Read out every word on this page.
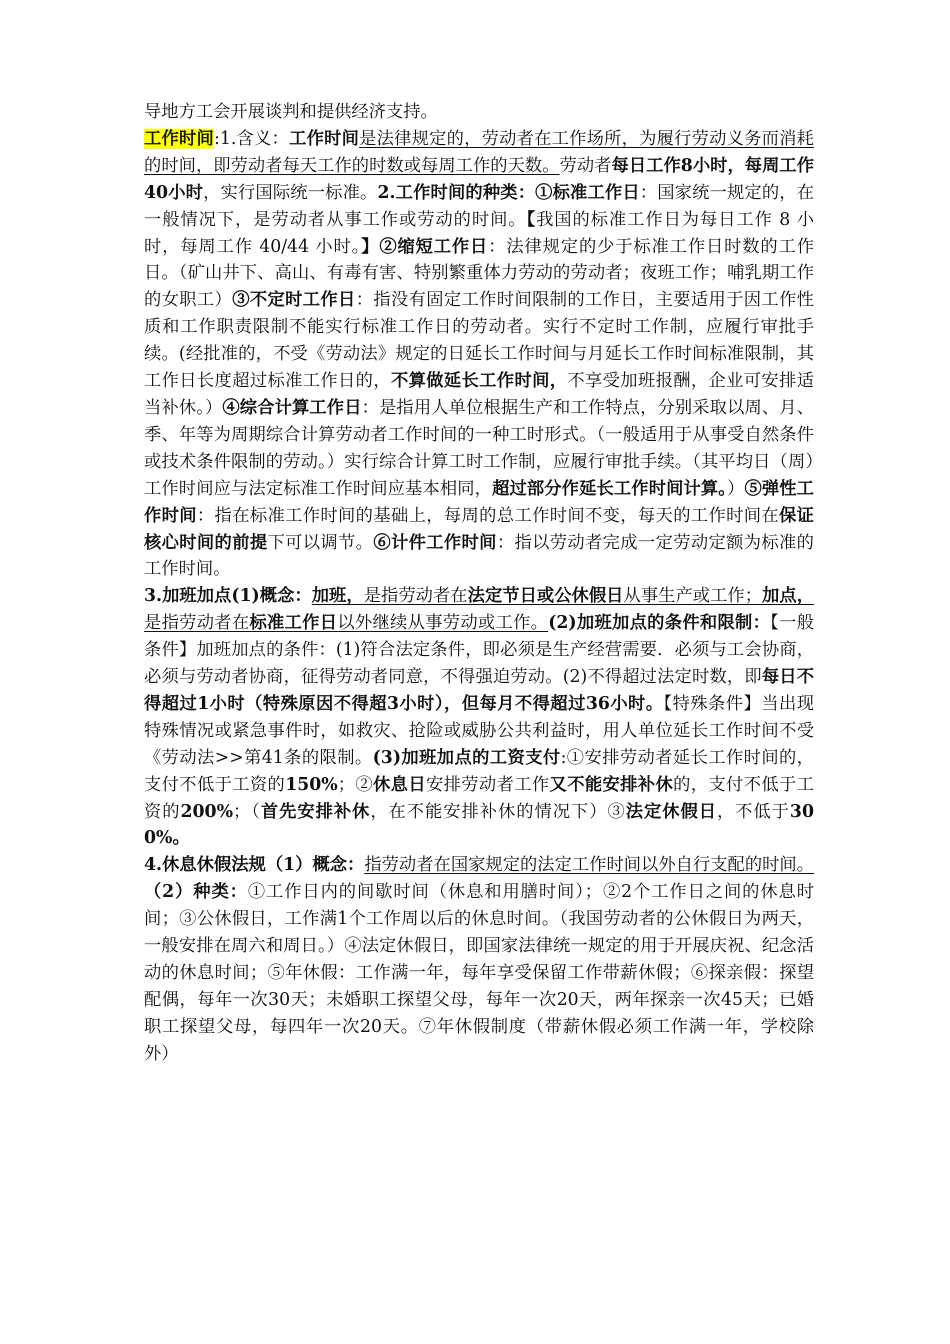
导地方工会开展谈判和提供经济支持。

工作时间:1.含义：工作时间是法律规定的，劳动者在工作场所，为履行劳动义务而消耗的时间，即劳动者每天工作的时数或每周工作的天数。劳动者每日工作8小时，每周工作40小时，实行国际统一标准。2.工作时间的种类：①标准工作日：国家统一规定的，在一般情况下，是劳动者从事工作或劳动的时间。【我国的标准工作日为每日工作 8 小时，每周工作 40/44 小时。】②缩短工作日：法律规定的少于标准工作日时数的工作日。（矿山井下、高山、有毒有害、特别繁重体力劳动的劳动者；夜班工作；哺乳期工作的女职工）③不定时工作日：指没有固定工作时间限制的工作日，主要适用于因工作性质和工作职责限制不能实行标准工作日的劳动者。实行不定时工作制，应履行审批手续。(经批准的，不受《劳动法》规定的日延长工作时间与月延长工作时间标准限制，其工作日长度超过标准工作日的，不算做延长工作时间，不享受加班报酬，企业可安排适当补休。）④综合计算工作日：是指用人单位根据生产和工作特点，分别采取以周、月、季、年等为周期综合计算劳动者工作时间的一种工时形式。（一般适用于从事受自然条件或技术条件限制的劳动。）实行综合计算工时工作制，应履行审批手续。（其平均日（周）工作时间应与法定标准工作时间应基本相同，超过部分作延长工作时间计算。）⑤弹性工作时间：指在标准工作时间的基础上，每周的总工作时间不变，每天的工作时间在保证核心时间的前提下可以调节。⑥计件工作时间：指以劳动者完成一定劳动定额为标准的工作时间。

3.加班加点(1)概念：加班，是指劳动者在法定节日或公休假日从事生产或工作；加点，是指劳动者在标准工作日以外继续从事劳动或工作。(2)加班加点的条件和限制：【一般条件】加班加点的条件：(1)符合法定条件，即必须是生产经营需要．必须与工会协商，必须与劳动者协商，征得劳动者同意，不得强迫劳动。(2)不得超过法定时数，即每日不得超过1小时（特殊原因不得超3小时），但每月不得超过36小时。【特殊条件】当出现特殊情况或紧急事件时，如救灾、抢险或威胁公共利益时，用人单位延长工作时间不受《劳动法>>第41条的限制。(3)加班加点的工资支付:①安排劳动者延长工作时间的，支付不低于工资的150%；②休息日安排劳动者工作又不能安排补休的，支付不低于工资的200%；（首先安排补休，在不能安排补休的情况下）③法定休假日，不低于300%。

4.休息休假法规（1）概念：指劳动者在国家规定的法定工作时间以外自行支配的时间。（2）种类：①工作日内的间歇时间（休息和用膳时间）；②2个工作日之间的休息时间；③公休假日，工作满1个工作周以后的休息时间。（我国劳动者的公休假日为两天，一般安排在周六和周日。）④法定休假日，即国家法律统一规定的用于开展庆祝、纪念活动的休息时间；⑤年休假：工作满一年，每年享受保留工作带薪休假；⑥探亲假：探望配偶，每年一次30天；未婚职工探望父母，每年一次20天，两年探亲一次45天；已婚职工探望父母，每四年一次20天。⑦年休假制度（带薪休假必须工作满一年，学校除外）
